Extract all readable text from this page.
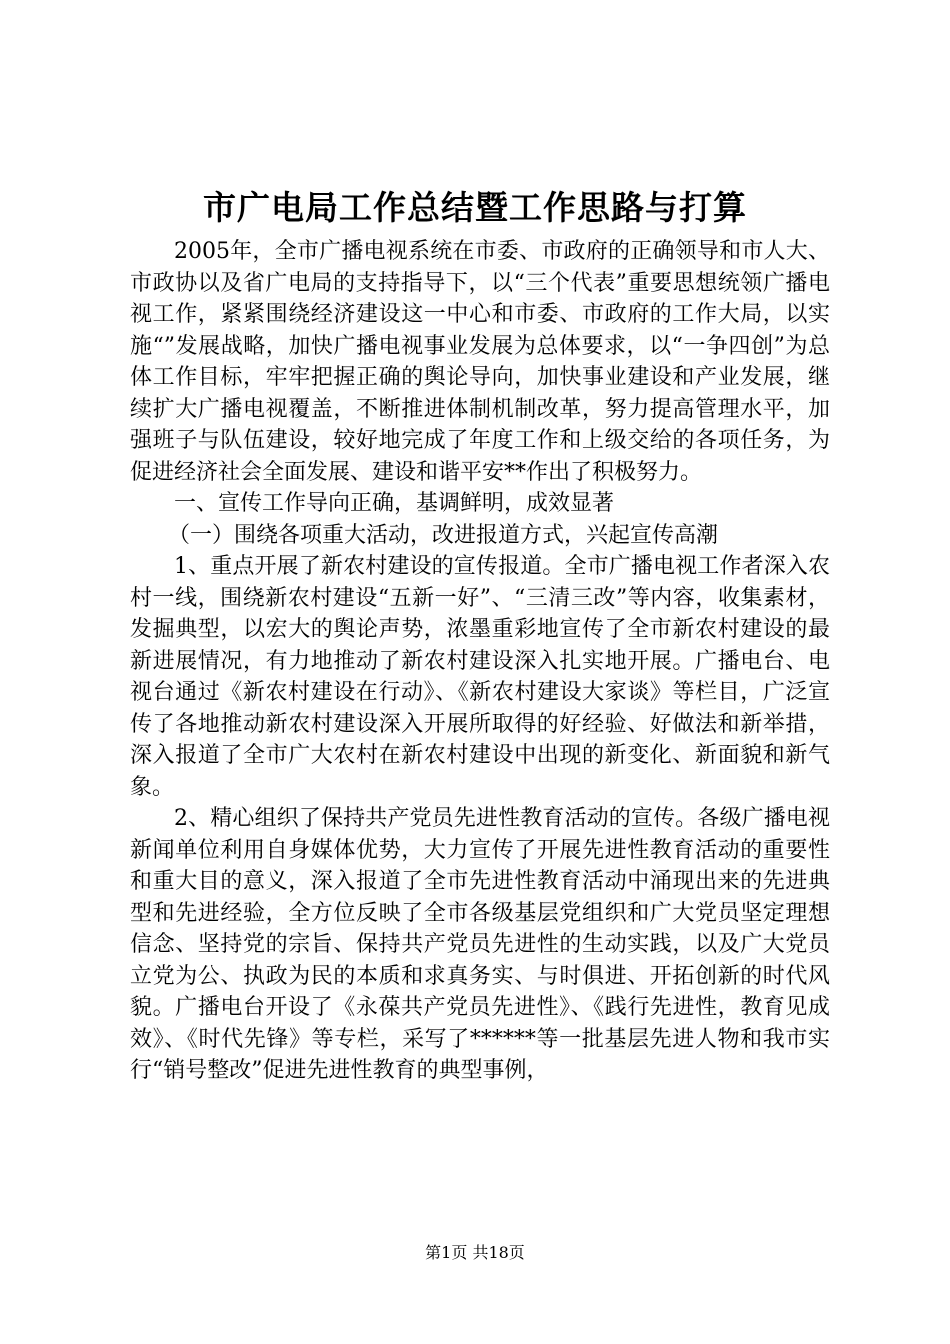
市广电局工作总结暨工作思路与打算

2005年，全市广播电视系统在市委、市政府的正确领导和市人大、市政协以及省广电局的支持指导下，以“三个代表”重要思想统领广播电视工作，紧紧围绕经济建设这一中心和市委、市政府的工作大局，以实施“”发展战略，加快广播电视事业发展为总体要求，以“一争四创”为总体工作目标，牢牢把握正确的舆论导向，加快事业建设和产业发展，继续扩大广播电视覆盖，不断推进体制机制改革，努力提高管理水平，加强班子与队伍建设，较好地完成了年度工作和上级交给的各项任务，为促进经济社会全面发展、建设和谐平安**作出了积极努力。

一、宣传工作导向正确，基调鲜明，成效显著

（一）围绕各项重大活动，改进报道方式，兴起宣传高潮

1、重点开展了新农村建设的宣传报道。全市广播电视工作者深入农村一线，围绕新农村建设“五新一好”、“三清三改”等内容，收集素材，发掘典型，以宏大的舆论声势，浓墨重彩地宣传了全市新农村建设的最新进展情况，有力地推动了新农村建设深入扎实地开展。广播电台、电视台通过《新农村建设在行动》、《新农村建设大家谈》等栏目，广泛宣传了各地推动新农村建设深入开展所取得的好经验、好做法和新举措，深入报道了全市广大农村在新农村建设中出现的新变化、新面貌和新气象。

2、精心组织了保持共产党员先进性教育活动的宣传。各级广播电视新闻单位利用自身媒体优势，大力宣传了开展先进性教育活动的重要性和重大目的意义，深入报道了全市先进性教育活动中涌现出来的先进典型和先进经验，全方位反映了全市各级基层党组织和广大党员坚定理想信念、坚持党的宗旨、保持共产党员先进性的生动实践，以及广大党员立党为公、执政为民的本质和求真务实、与时俱进、开拓创新的时代风貌。广播电台开设了《永葆共产党员先进性》、《践行先进性，教育见成效》、《时代先锋》等专栏，采写了******等一批基层先进人物和我市实行“销号整改”促进先进性教育的典型事例，

第1页 共18页
